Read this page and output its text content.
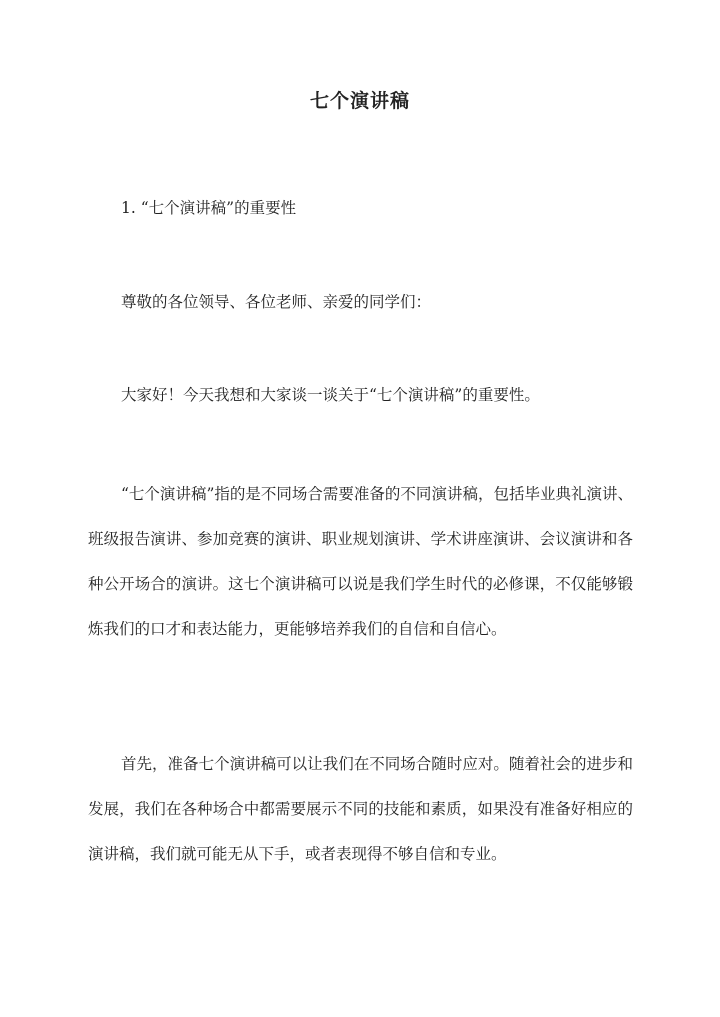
七个演讲稿
1. “七个演讲稿”的重要性

尊敬的各位领导、各位老师、亲爱的同学们：

大家好！今天我想和大家谈一谈关于“七个演讲稿”的重要性。

“七个演讲稿”指的是不同场合需要准备的不同演讲稿，包括毕业典礼演讲、班级报告演讲、参加竞赛的演讲、职业规划演讲、学术讲座演讲、会议演讲和各种公开场合的演讲。这七个演讲稿可以说是我们学生时代的必修课，不仅能够锻炼我们的口才和表达能力，更能够培养我们的自信和自信心。

首先，准备七个演讲稿可以让我们在不同场合随时应对。随着社会的进步和发展，我们在各种场合中都需要展示不同的技能和素质，如果没有准备好相应的演讲稿，我们就可能无从下手，或者表现得不够自信和专业。
